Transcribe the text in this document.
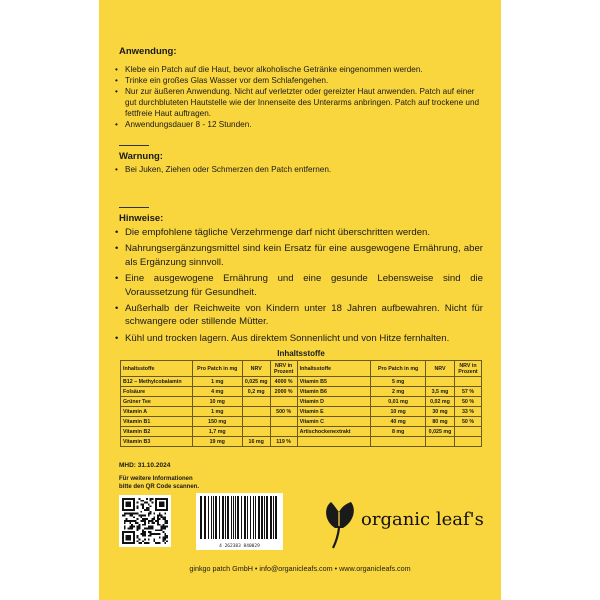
Anwendung:
• Klebe ein Patch auf die Haut, bevor alkoholische Getränke eingenommen werden.
• Trinke ein großes Glas Wasser vor dem Schlafengehen.
• Nur zur äußeren Anwendung. Nicht auf verletzter oder gereizter Haut anwenden. Patch auf einer gut durchbluteten Hautstelle wie der Innenseite des Unterarms anbringen. Patch auf trockene und fettfreie Haut auftragen.
• Anwendungsdauer 8 - 12 Stunden.
Warnung:
• Bei Juken, Ziehen oder Schmerzen den Patch entfernen.
Hinweise:
• Die empfohlene tägliche Verzehrmenge darf nicht überschritten werden.
• Nahrungsergänzungsmittel sind kein Ersatz für eine ausgewogene Ernährung, aber als Ergänzung sinnvoll.
• Eine ausgewogene Ernährung und eine gesunde Lebensweise sind die Voraussetzung für Gesundheit.
• Außerhalb der Reichweite von Kindern unter 18 Jahren aufbewahren. Nicht für schwangere oder stillende Mütter.
• Kühl und trocken lagern. Aus direktem Sonnenlicht und von Hitze fernhalten.
Inhaltsstoffe
Inhaltsstoffe	Pro Patch in mg	NRV	NRV in Prozent	Inhaltsstoffe	Pro Patch in mg	NRV	NRV in Prozent
B12 – Methylcobalamin	1 mg	0,025 mg	4000 %	Vitamin B5	5 mg		
Folsäure	4 mg	0,2 mg	2000 %	Vitamin B6	2 mg	3,5 mg	57 %
Grüner Tee	10 mg			Vitamin D	0,01 mg	0,02 mg	50 %
Vitamin A	1 mg		500 %	Vitamin E	10 mg	30 mg	33 %
Vitamin B1	150 mg			Vitamin C	40 mg	80 mg	50 %
Vitamin B2	1,7 mg			Artischockenextrakt	8 mg	0,025 mg	
Vitamin B3	19 mg	16 mg	119 %				
MHD: 31.10.2024
Für weitere Informationen
bitte den QR Code scannen.
4 262383 840029
organic leaf's
ginkgo patch GmbH • info@organicleafs.com • www.organicleafs.com
